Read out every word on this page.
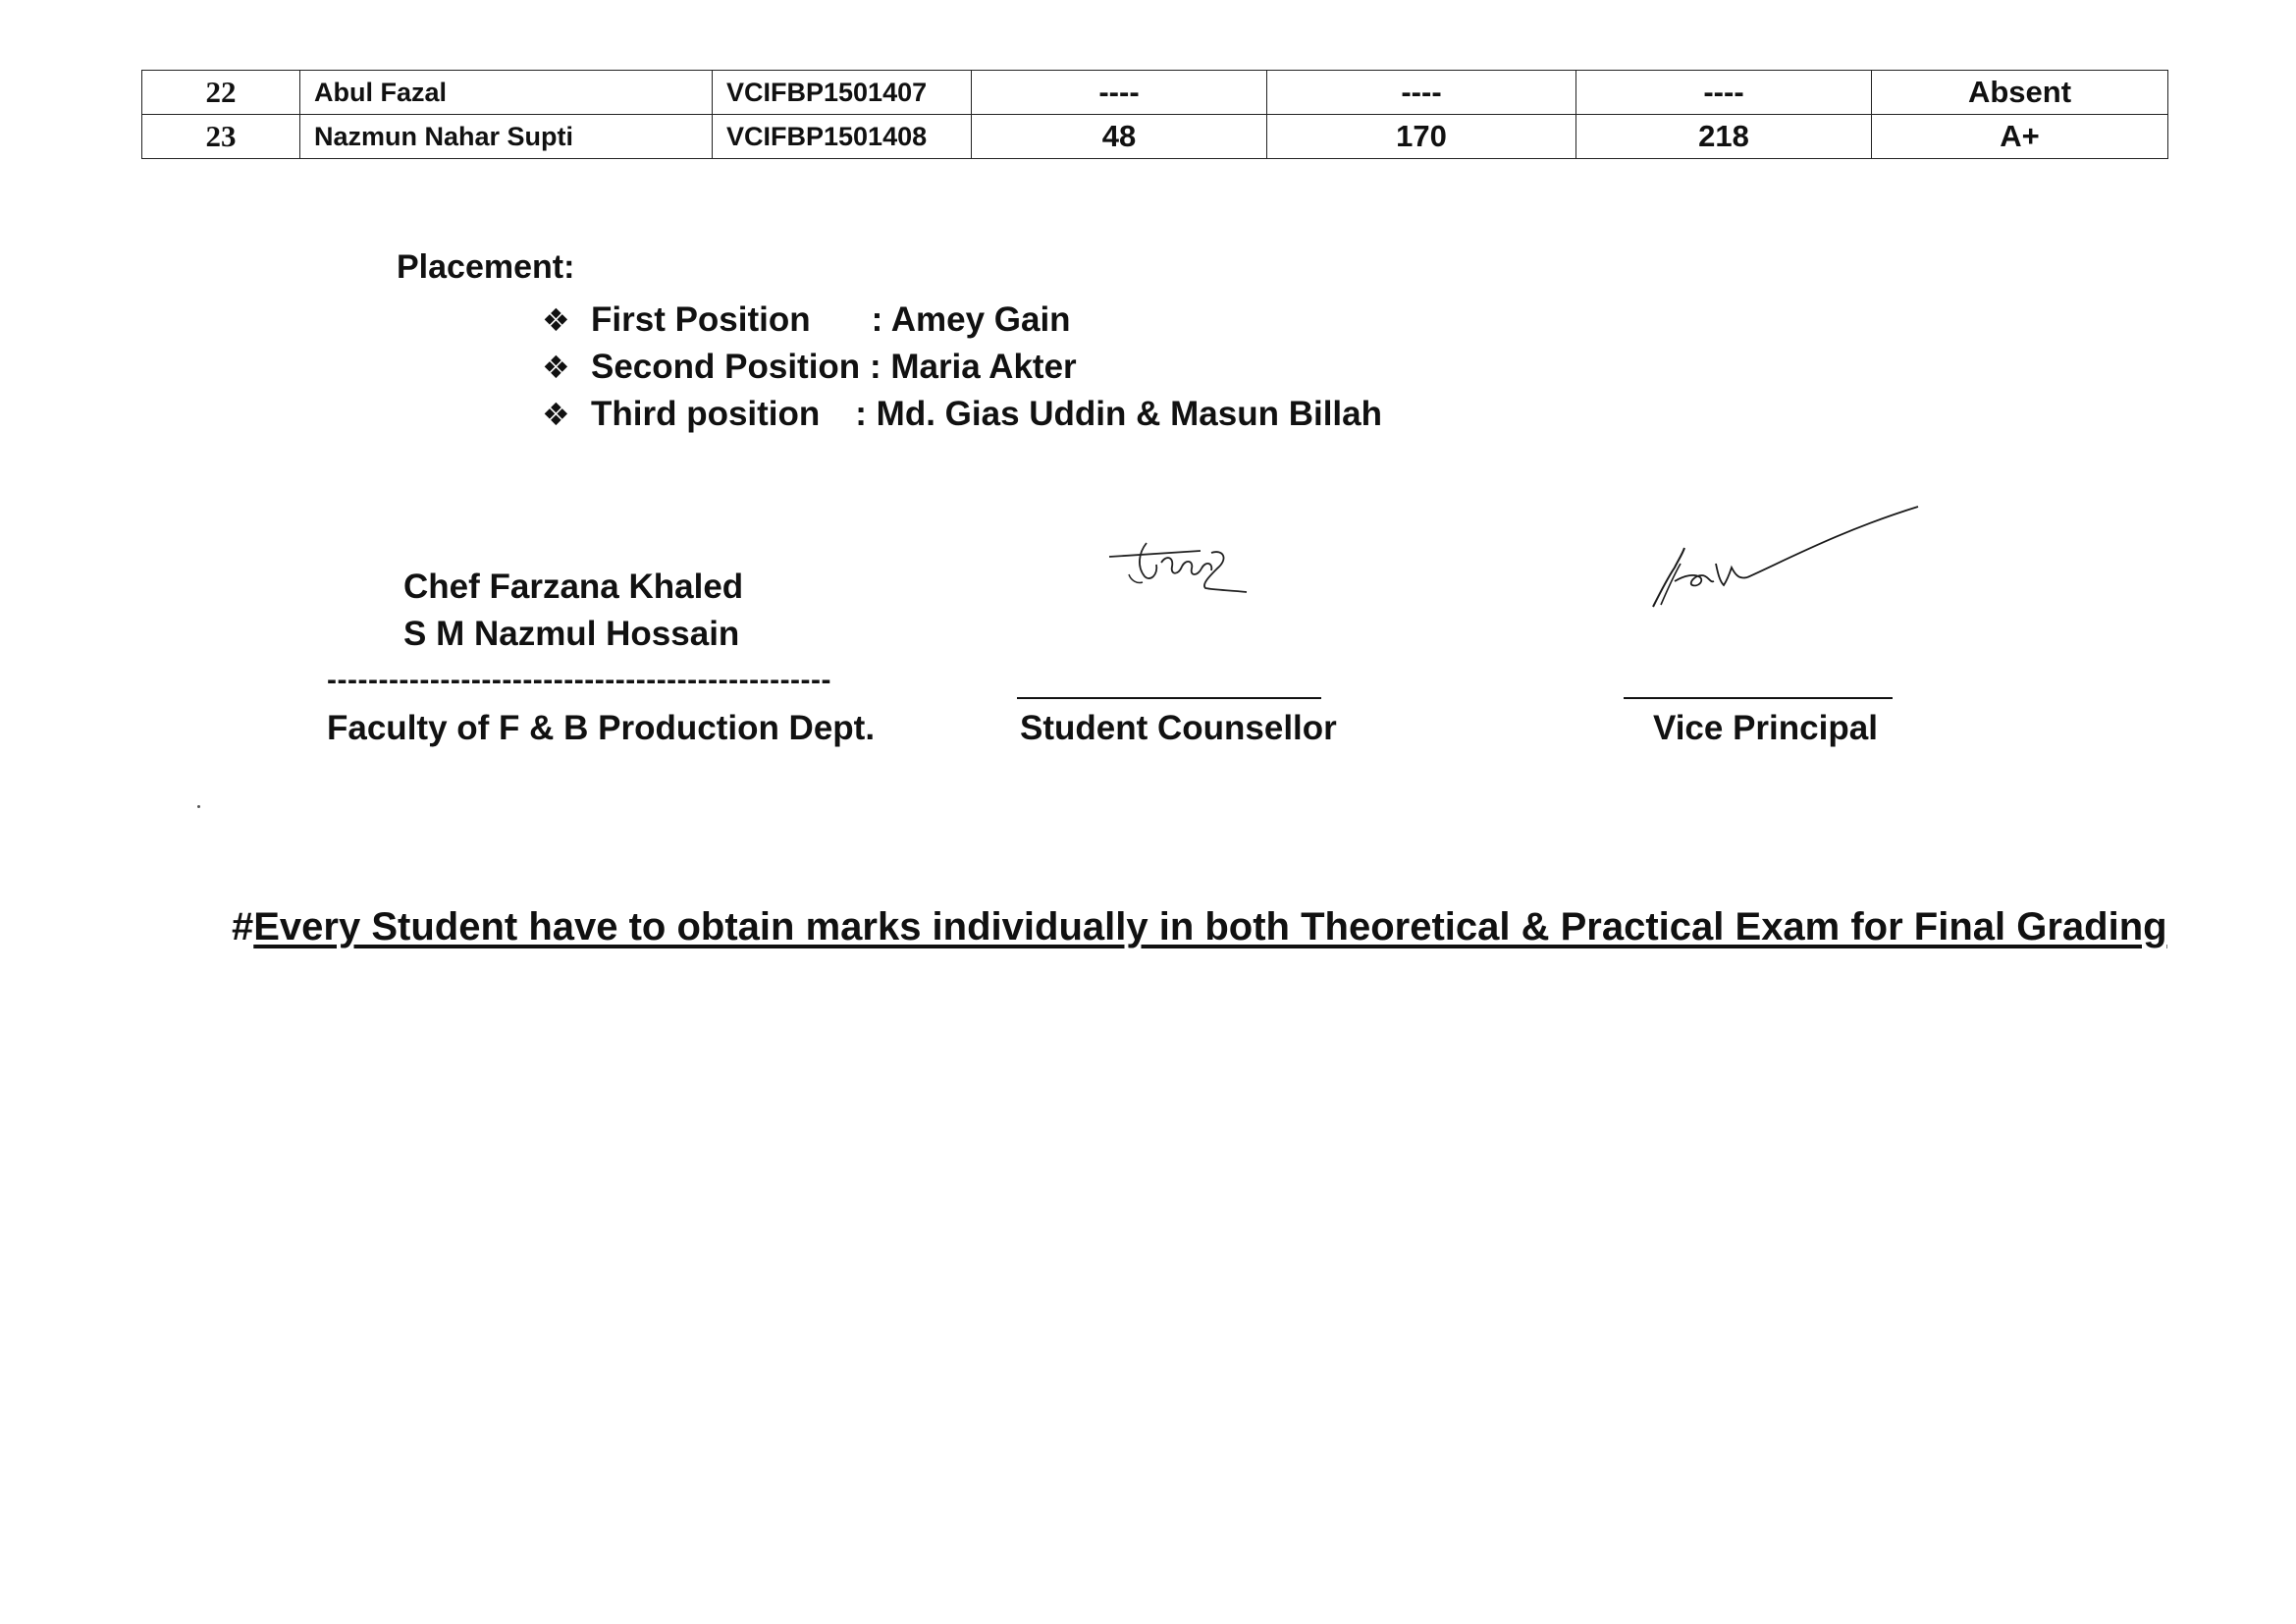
22	Abul Fazal	VCIFBP1501407	----	----	----	Absent
23	Nazmun Nahar Supti	VCIFBP1501408	48	170	218	A+
Placement:
❖ First Position : Amey Gain
❖ Second Position : Maria Akter
❖ Third position : Md. Gias Uddin & Masun Billah
Chef Farzana Khaled
S M Nazmul Hossain
-------------------------------------------------
Faculty of F & B Production Dept.	Student Counsellor	Vice Principal
#Every Student have to obtain marks individually in both Theoretical & Practical Exam for Final Grading
